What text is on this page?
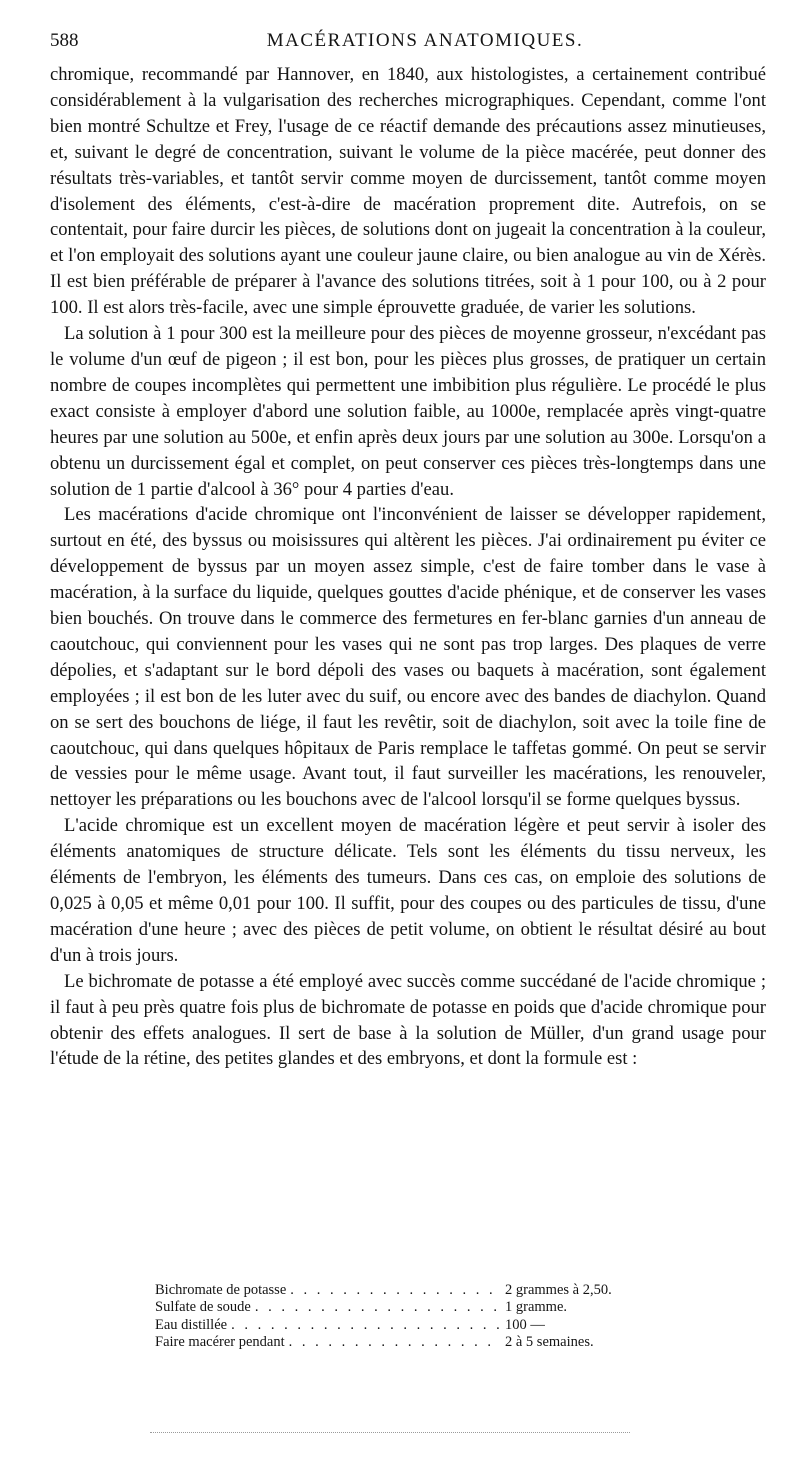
588	MACÉRATIONS ANATOMIQUES.

chromique, recommandé par Hannover, en 1840, aux histologistes, a certainement contribué considérablement à la vulgarisation des recherches micrographiques. Cependant, comme l'ont bien montré Schultze et Frey, l'usage de ce réactif demande des précautions assez minutieuses, et, suivant le degré de concentration, suivant le volume de la pièce macérée, peut donner des résultats très-variables, et tantôt servir comme moyen de durcissement, tantôt comme moyen d'isolement des éléments, c'est-à-dire de macération proprement dite. Autrefois, on se contentait, pour faire durcir les pièces, de solutions dont on jugeait la concentration à la couleur, et l'on employait des solutions ayant une couleur jaune claire, ou bien analogue au vin de Xérès. Il est bien préférable de préparer à l'avance des solutions titrées, soit à 1 pour 100, ou à 2 pour 100. Il est alors très-facile, avec une simple éprouvette graduée, de varier les solutions.

La solution à 1 pour 300 est la meilleure pour des pièces de moyenne grosseur, n'excédant pas le volume d'un œuf de pigeon ; il est bon, pour les pièces plus grosses, de pratiquer un certain nombre de coupes incomplètes qui permettent une imbibition plus régulière. Le procédé le plus exact consiste à employer d'abord une solution faible, au 1000e, remplacée après vingt-quatre heures par une solution au 500e, et enfin après deux jours par une solution au 300e. Lorsqu'on a obtenu un durcissement égal et complet, on peut conserver ces pièces très-longtemps dans une solution de 1 partie d'alcool à 36° pour 4 parties d'eau.

Les macérations d'acide chromique ont l'inconvénient de laisser se développer rapidement, surtout en été, des byssus ou moisissures qui altèrent les pièces. J'ai ordinairement pu éviter ce développement de byssus par un moyen assez simple, c'est de faire tomber dans le vase à macération, à la surface du liquide, quelques gouttes d'acide phénique, et de conserver les vases bien bouchés. On trouve dans le commerce des fermetures en fer-blanc garnies d'un anneau de caoutchouc, qui conviennent pour les vases qui ne sont pas trop larges. Des plaques de verre dépolies, et s'adaptant sur le bord dépoli des vases ou baquets à macération, sont également employées ; il est bon de les luter avec du suif, ou encore avec des bandes de diachylon. Quand on se sert des bouchons de liége, il faut les revêtir, soit de diachylon, soit avec la toile fine de caoutchouc, qui dans quelques hôpitaux de Paris remplace le taffetas gommé. On peut se servir de vessies pour le même usage. Avant tout, il faut surveiller les macérations, les renouveler, nettoyer les préparations ou les bouchons avec de l'alcool lorsqu'il se forme quelques byssus.

L'acide chromique est un excellent moyen de macération légère et peut servir à isoler des éléments anatomiques de structure délicate. Tels sont les éléments du tissu nerveux, les éléments de l'embryon, les éléments des tumeurs. Dans ces cas, on emploie des solutions de 0,025 à 0,05 et même 0,01 pour 100. Il suffit, pour des coupes ou des particules de tissu, d'une macération d'une heure ; avec des pièces de petit volume, on obtient le résultat désiré au bout d'un à trois jours.

Le bichromate de potasse a été employé avec succès comme succédané de l'acide chromique ; il faut à peu près quatre fois plus de bichromate de potasse en poids que d'acide chromique pour obtenir des effets analogues. Il sert de base à la solution de Müller, d'un grand usage pour l'étude de la rétine, des petites glandes et des embryons, et dont la formule est :

Bichromate de potasse . . .	2 grammes à 2,50.
Sulfate de soude . . .	1 gramme.
Eau distillée . . .	100 —
Faire macérer pendant . . .	2 à 5 semaines.
